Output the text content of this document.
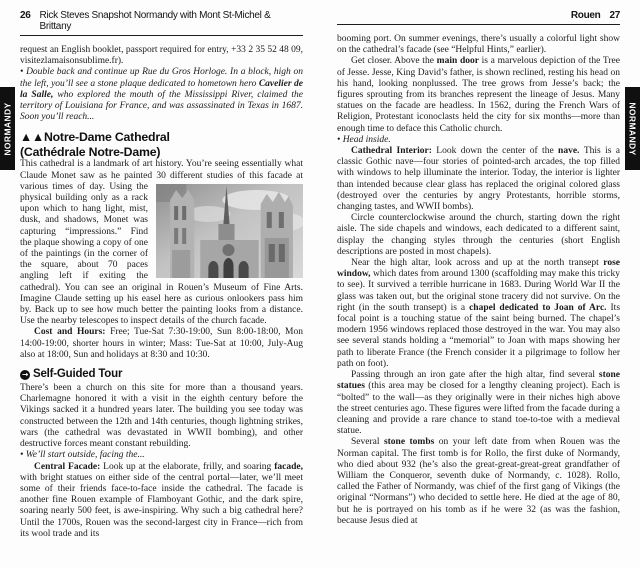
NORMANDY
26 Rick Steves Snapshot Normandy with Mont St-Michel & Brittany

request an English booklet, passport required for entry, +33 2 35 52 48 09, visitezlamaisonsublime.fr).

• Double back and continue up Rue du Gros Horloge. In a block, high on the left, you’ll see a stone plaque dedicated to hometown hero Cavelier de la Salle, who explored the mouth of the Mississippi River, claimed the territory of Louisiana for France, and was assassinated in Texas in 1687. Soon you’ll reach...

▲▲Notre-Dame Cathedral
(Cathédrale Notre-Dame)

This cathedral is a landmark of art history. You’re seeing essentially what Claude Monet saw as he painted 30 different studies of this
facade at various times of day. Using the physical building only as a rack upon which to hang light, mist, dusk, and shadows, Monet was capturing “impressions.” Find the plaque showing a copy of one of the paintings (in the corner of the square, about 70 paces angling left if exiting the cathedral). You can see an original in Rouen’s Museum of Fine Arts. Imagine Claude setting up his easel here as curious onlookers pass him by. Back up to see how much better the painting looks from a distance. Use the nearby telescopes to inspect details of the church facade.

Cost and Hours: Free; Tue-Sat 7:30-19:00, Sun 8:00-18:00, Mon 14:00-19:00, shorter hours in winter; Mass: Tue-Sat at 10:00, July-Aug also at 18:00, Sun and holidays at 8:30 and 10:30.

→ Self-Guided Tour

There’s been a church on this site for more than a thousand years. Charlemagne honored it with a visit in the eighth century before the Vikings sacked it a hundred years later. The building you see today was constructed between the 12th and 14th centuries, though lightning strikes, wars (the cathedral was devastated in WWII bombing), and other destructive forces meant constant rebuilding.

• We’ll start outside, facing the...

Central Facade: Look up at the elaborate, frilly, and soaring facade, with bright statues on either side of the central portal—later, we’ll meet some of their friends face-to-face inside the cathedral. The facade is another fine Rouen example of Flamboyant Gothic, and the dark spire, soaring nearly 500 feet, is awe-inspiring. Why such a big cathedral here? Until the 1700s, Rouen was the second-largest city in France—rich from its wool trade and its

NORMANDY
Rouen 27

booming port. On summer evenings, there’s usually a colorful light show on the cathedral’s facade (see “Helpful Hints,” earlier).

Get closer. Above the main door is a marvelous depiction of the Tree of Jesse. Jesse, King David’s father, is shown reclined, resting his head on his hand, looking nonplussed. The tree grows from Jesse’s back; the figures sprouting from its branches represent the lineage of Jesus. Many statues on the facade are headless. In 1562, during the French Wars of Religion, Protestant iconoclasts held the city for six months—more than enough time to deface this Catholic church.

• Head inside.

Cathedral Interior: Look down the center of the nave. This is a classic Gothic nave—four stories of pointed-arch arcades, the top filled with windows to help illuminate the interior. Today, the interior is lighter than intended because clear glass has replaced the original colored glass (destroyed over the centuries by angry Protestants, horrible storms, changing tastes, and WWII bombs).

Circle counterclockwise around the church, starting down the right aisle. The side chapels and windows, each dedicated to a different saint, display the changing styles through the centuries (short English descriptions are posted in most chapels).

Near the high altar, look across and up at the north transept rose window, which dates from around 1300 (scaffolding may make this tricky to see). It survived a terrible hurricane in 1683. During World War II the glass was taken out, but the original stone tracery did not survive. On the right (in the south transept) is a chapel dedicated to Joan of Arc. Its focal point is a touching statue of the saint being burned. The chapel’s modern 1956 windows replaced those destroyed in the war. You may also see several stands holding a “memorial” to Joan with maps showing her path to liberate France (the French consider it a pilgrimage to follow her path on foot).

Passing through an iron gate after the high altar, find several stone statues (this area may be closed for a lengthy cleaning project). Each is “bolted” to the wall—as they originally were in their niches high above the street centuries ago. These figures were lifted from the facade during a cleaning and provide a rare chance to stand toe-to-toe with a medieval statue.

Several stone tombs on your left date from when Rouen was the Norman capital. The first tomb is for Rollo, the first duke of Normandy, who died about 932 (he’s also the great-great-great-great grandfather of William the Conqueror, seventh duke of Normandy, c. 1028). Rollo, called the Father of Normandy, was chief of the first gang of Vikings (the original “Normans”) who decided to settle here. He died at the age of 80, but he is portrayed on his tomb as if he were 32 (as was the fashion, because Jesus died at
